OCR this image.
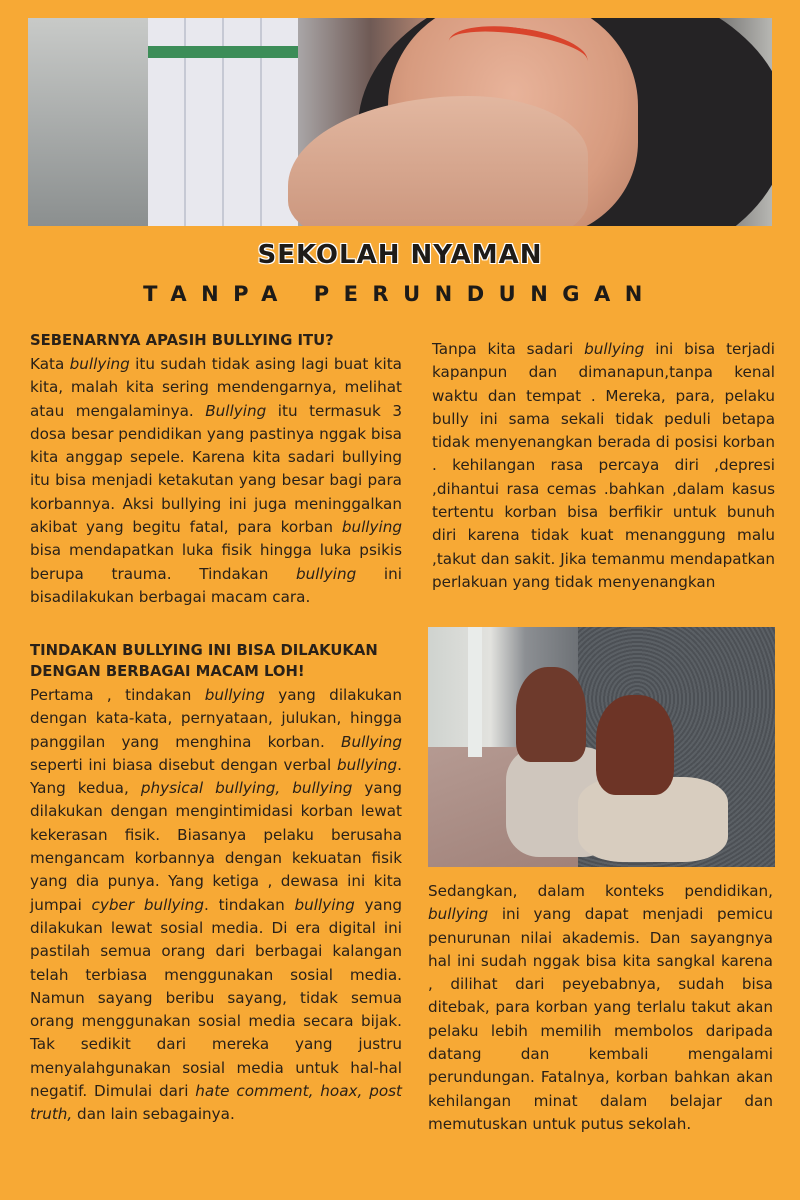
SEKOLAH NYAMAN
TANPA PERUNDUNGAN
SEBENARNYA APASIH BULLYING ITU?

Kata bullying itu sudah tidak asing lagi buat kita kita, malah kita sering mendengarnya, melihat atau mengalaminya. Bullying itu termasuk 3 dosa besar pendidikan yang pastinya nggak bisa kita anggap sepele. Karena kita sadari bullying itu bisa menjadi ketakutan yang besar bagi para korbannya. Aksi bullying ini juga meninggalkan akibat yang begitu fatal, para korban bullying bisa mendapatkan luka fisik hingga luka psikis berupa trauma. Tindakan bullying ini bisadilakukan berbagai macam cara.

TINDAKAN BULLYING INI BISA DILAKUKAN DENGAN BERBAGAI MACAM LOH!

Pertama , tindakan bullying yang dilakukan dengan kata-kata, pernyataan, julukan, hingga panggilan yang menghina korban. Bullying seperti ini biasa disebut dengan verbal bullying. Yang kedua, physical bullying, bullying yang dilakukan dengan mengintimidasi korban lewat kekerasan fisik. Biasanya pelaku berusaha mengancam korbannya dengan kekuatan fisik yang dia punya. Yang ketiga , dewasa ini kita jumpai cyber bullying. tindakan bullying yang dilakukan lewat sosial media. Di era digital ini pastilah semua orang dari berbagai kalangan telah terbiasa menggunakan sosial media. Namun sayang beribu sayang, tidak semua orang menggunakan sosial media secara bijak. Tak sedikit dari mereka yang justru menyalahgunakan sosial media untuk hal-hal negatif. Dimulai dari hate comment, hoax, post truth, dan lain sebagainya.

Tanpa kita sadari bullying ini bisa terjadi kapanpun dan dimanapun,tanpa kenal waktu dan tempat . Mereka, para, pelaku bully ini sama sekali tidak peduli betapa tidak menyenangkan berada di posisi korban . kehilangan rasa percaya diri ,depresi ,dihantui rasa cemas .bahkan ,dalam kasus tertentu korban bisa berfikir untuk bunuh diri karena tidak kuat menanggung malu ,takut dan sakit. Jika temanmu mendapatkan perlakuan yang tidak menyenangkan

Sedangkan, dalam konteks pendidikan, bullying ini yang dapat menjadi pemicu penurunan nilai akademis. Dan sayangnya hal ini sudah nggak bisa kita sangkal karena , dilihat dari peyebabnya, sudah bisa ditebak, para korban yang terlalu takut akan pelaku lebih memilih membolos daripada datang dan kembali mengalami perundungan. Fatalnya, korban bahkan akan kehilangan minat dalam belajar dan memutuskan untuk putus sekolah.
